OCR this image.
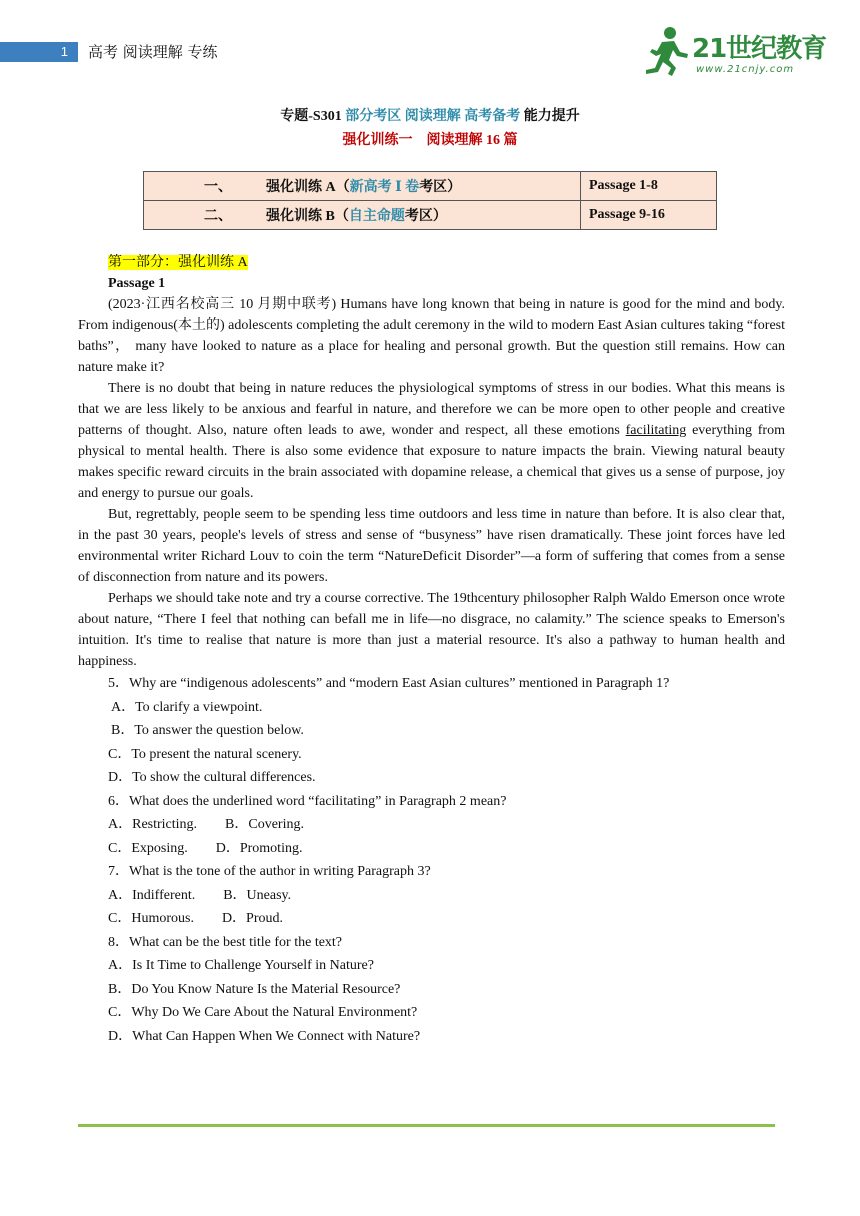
1	高考 阅读理解 专练	21世纪教育
www.21cnjy.com
专题-S301 部分考区 阅读理解 高考备考 能力提升
强化训练一　阅读理解 16 篇
一、 强化训练 A（新高考 Ⅰ 卷考区）	Passage 1-8
二、 强化训练 B（自主命题考区）	Passage 9-16
第一部分：强化训练 A
Passage 1

(2023·江西名校高三 10 月期中联考) Humans have long known that being in nature is good for the mind and body. From indigenous(本土的) adolescents completing the adult ceremony in the wild to modern East Asian cultures taking “forest baths”， many have looked to nature as a place for healing and personal growth. But the question still remains. How can nature make it?

There is no doubt that being in nature reduces the physiological symptoms of stress in our bodies. What this means is that we are less likely to be anxious and fearful in nature, and therefore we can be more open to other people and creative patterns of thought. Also, nature often leads to awe, wonder and respect, all these emotions facilitating everything from physical to mental health. There is also some evidence that exposure to nature impacts the brain. Viewing natural beauty makes specific reward circuits in the brain associated with dopamine release, a chemical that gives us a sense of purpose, joy and energy to pursue our goals.

But, regrettably, people seem to be spending less time outdoors and less time in nature than before. It is also clear that, in the past 30 years, people's levels of stress and sense of “busyness” have risen dramatically. These joint forces have led environmental writer Richard Louv to coin the term “NatureDeficit Disorder”—a form of suffering that comes from a sense of disconnection from nature and its powers.

Perhaps we should take note and try a course corrective. The 19thcentury philosopher Ralph Waldo Emerson once wrote about nature, “There I feel that nothing can befall me in life—no disgrace, no calamity.” The science speaks to Emerson's intuition. It's time to realise that nature is more than just a material resource. It's also a pathway to human health and happiness.

5．Why are “indigenous adolescents” and “modern East Asian cultures” mentioned in Paragraph 1?
A．To clarify a viewpoint.
B．To answer the question below.
C．To present the natural scenery.
D．To show the cultural differences.
6．What does the underlined word “facilitating” in Paragraph 2 mean?
A．Restricting.        B．Covering.
C．Exposing.        D．Promoting.
7．What is the tone of the author in writing Paragraph 3?
A．Indifferent.        B．Uneasy.
C．Humorous.        D．Proud.
8．What can be the best title for the text?
A．Is It Time to Challenge Yourself in Nature?
B．Do You Know Nature Is the Material Resource?
C．Why Do We Care About the Natural Environment?
D．What Can Happen When We Connect with Nature?
